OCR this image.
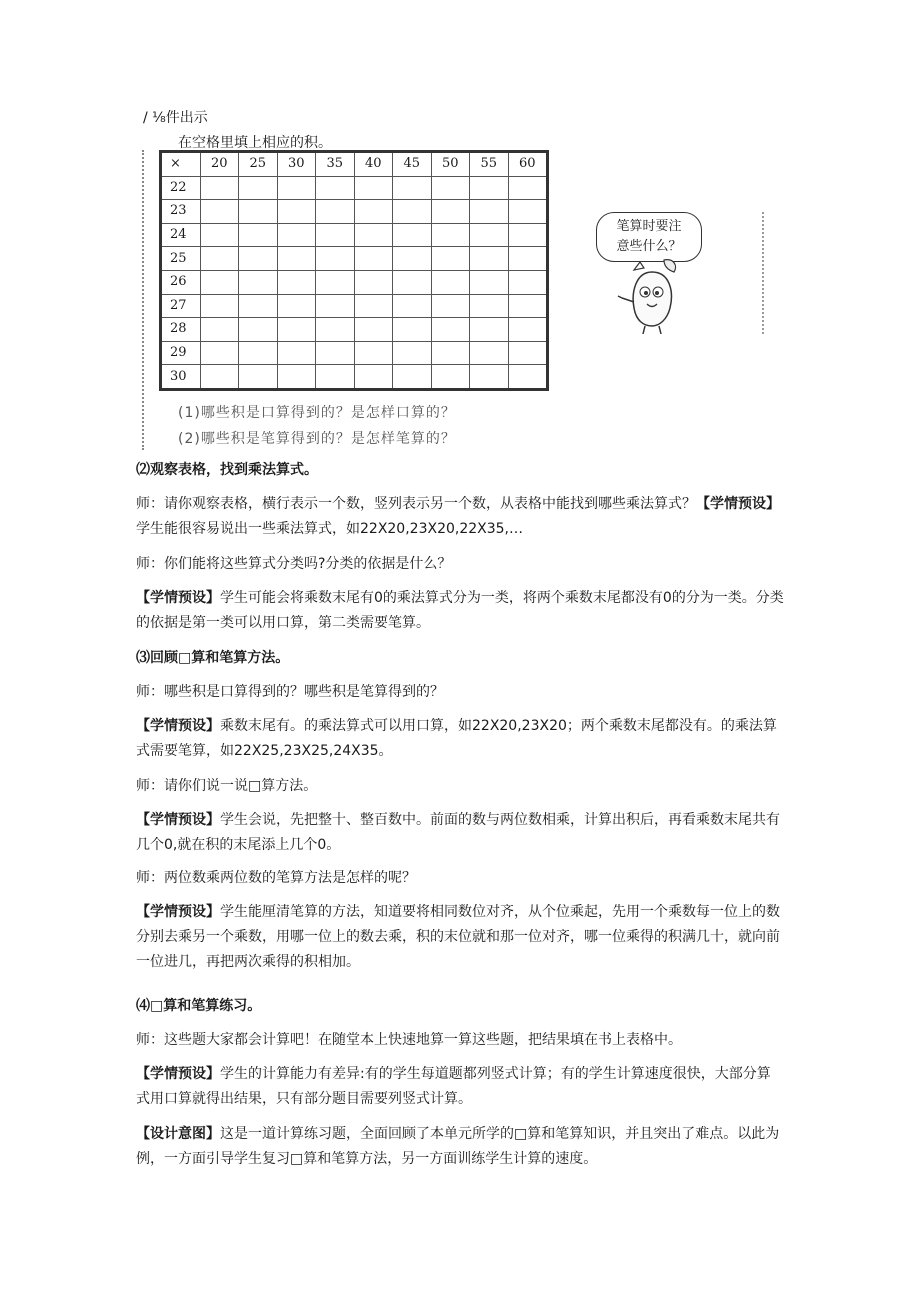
/ ⅛件出示
在空格里填上相应的积。
×	20	25	30	35	40	45	50	55	60
22									
23									
24									
25									
26									
27									
28									
29									
30									
(1)哪些积是口算得到的？是怎样口算的？
(2)哪些积是笔算得到的？是怎样笔算的？
笔算时要注
意些什么？

⑵观察表格，找到乘法算式。

师：请你观察表格，横行表示一个数，竖列表示另一个数，从表格中能找到哪些乘法算式？【学情预设】学生能很容易说出一些乘法算式，如22X20,23X20,22X35,…

师：你们能将这些算式分类吗?分类的依据是什么？

【学情预设】学生可能会将乘数末尾有0的乘法算式分为一类，将两个乘数末尾都没有0的分为一类。分类的依据是第一类可以用口算，第二类需要笔算。

⑶回顾□算和笔算方法。

师：哪些积是口算得到的？哪些积是笔算得到的？

【学情预设】乘数末尾有。的乘法算式可以用口算，如22X20,23X20；两个乘数末尾都没有。的乘法算式需要笔算，如22X25,23X25,24X35。

师：请你们说一说□算方法。

【学情预设】学生会说，先把整十、整百数中。前面的数与两位数相乘，计算出积后，再看乘数末尾共有几个0,就在积的末尾添上几个0。

师：两位数乘两位数的笔算方法是怎样的呢？

【学情预设】学生能厘清笔算的方法，知道要将相同数位对齐，从个位乘起，先用一个乘数每一位上的数分别去乘另一个乘数，用哪一位上的数去乘，积的末位就和那一位对齐，哪一位乘得的积满几十，就向前一位进几，再把两次乘得的积相加。

⑷□算和笔算练习。

师：这些题大家都会计算吧！在随堂本上快速地算一算这些题，把结果填在书上表格中。

【学情预设】学生的计算能力有差异:有的学生每道题都列竖式计算；有的学生计算速度很快，大部分算式用口算就得出结果，只有部分题目需要列竖式计算。

【设计意图】这是一道计算练习题，全面回顾了本单元所学的□算和笔算知识，并且突出了难点。以此为例，一方面引导学生复习□算和笔算方法，另一方面训练学生计算的速度。
